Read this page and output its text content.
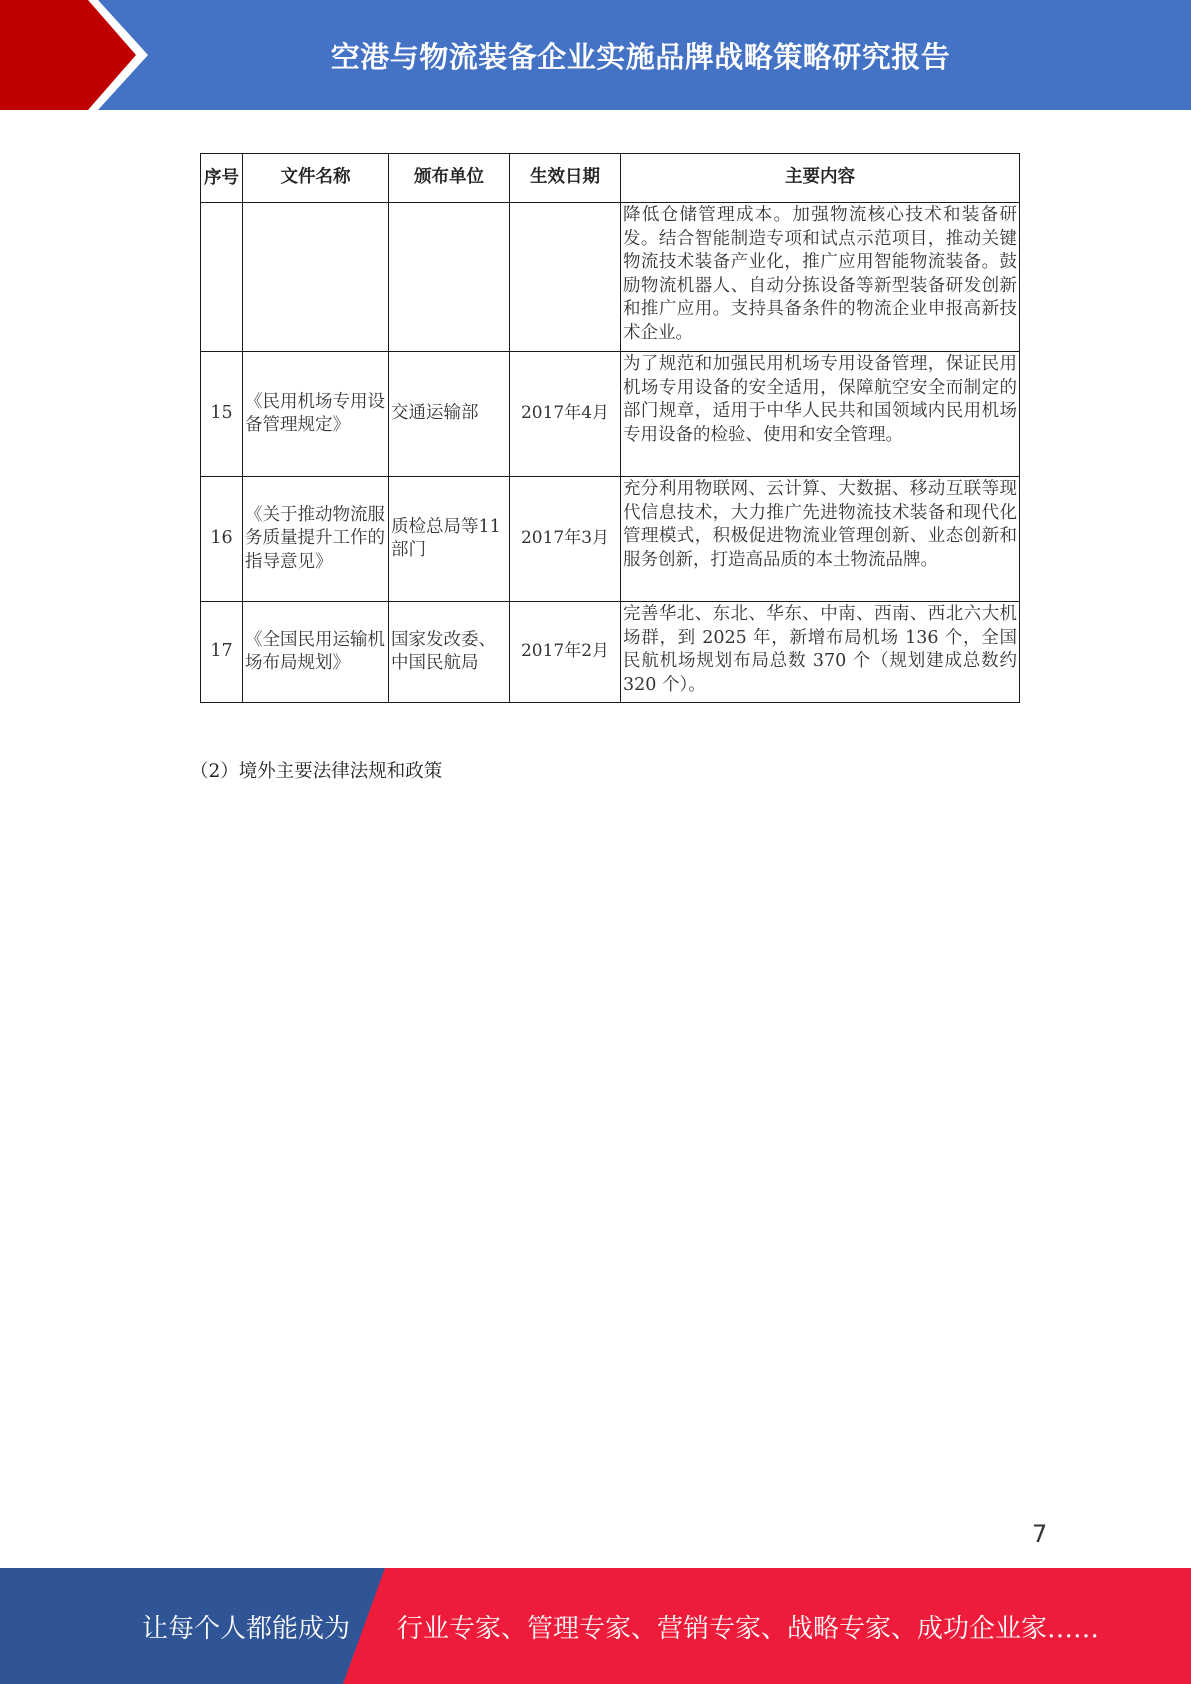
空港与物流装备企业实施品牌战略策略研究报告
序号	文件名称	颁布单位	生效日期	主要内容
				降低仓储管理成本。加强物流核心技术和装备研发。结合智能制造专项和试点示范项目，推动关键物流技术装备产业化，推广应用智能物流装备。鼓励物流机器人、自动分拣设备等新型装备研发创新和推广应用。支持具备条件的物流企业申报高新技术企业。
15	《民用机场专用设备管理规定》	交通运输部	2017年4月	为了规范和加强民用机场专用设备管理，保证民用机场专用设备的安全适用，保障航空安全而制定的部门规章，适用于中华人民共和国领域内民用机场专用设备的检验、使用和安全管理。
16	《关于推动物流服务质量提升工作的指导意见》	质检总局等11部门	2017年3月	充分利用物联网、云计算、大数据、移动互联等现代信息技术，大力推广先进物流技术装备和现代化管理模式，积极促进物流业管理创新、业态创新和服务创新，打造高品质的本土物流品牌。
17	《全国民用运输机场布局规划》	国家发改委、中国民航局	2017年2月	完善华北、东北、华东、中南、西南、西北六大机场群，到 2025 年，新增布局机场 136 个，全国民航机场规划布局总数 370 个（规划建成总数约 320 个）。
（2）境外主要法律法规和政策
7
让每个人都能成为 行业专家、管理专家、营销专家、战略专家、成功企业家……
